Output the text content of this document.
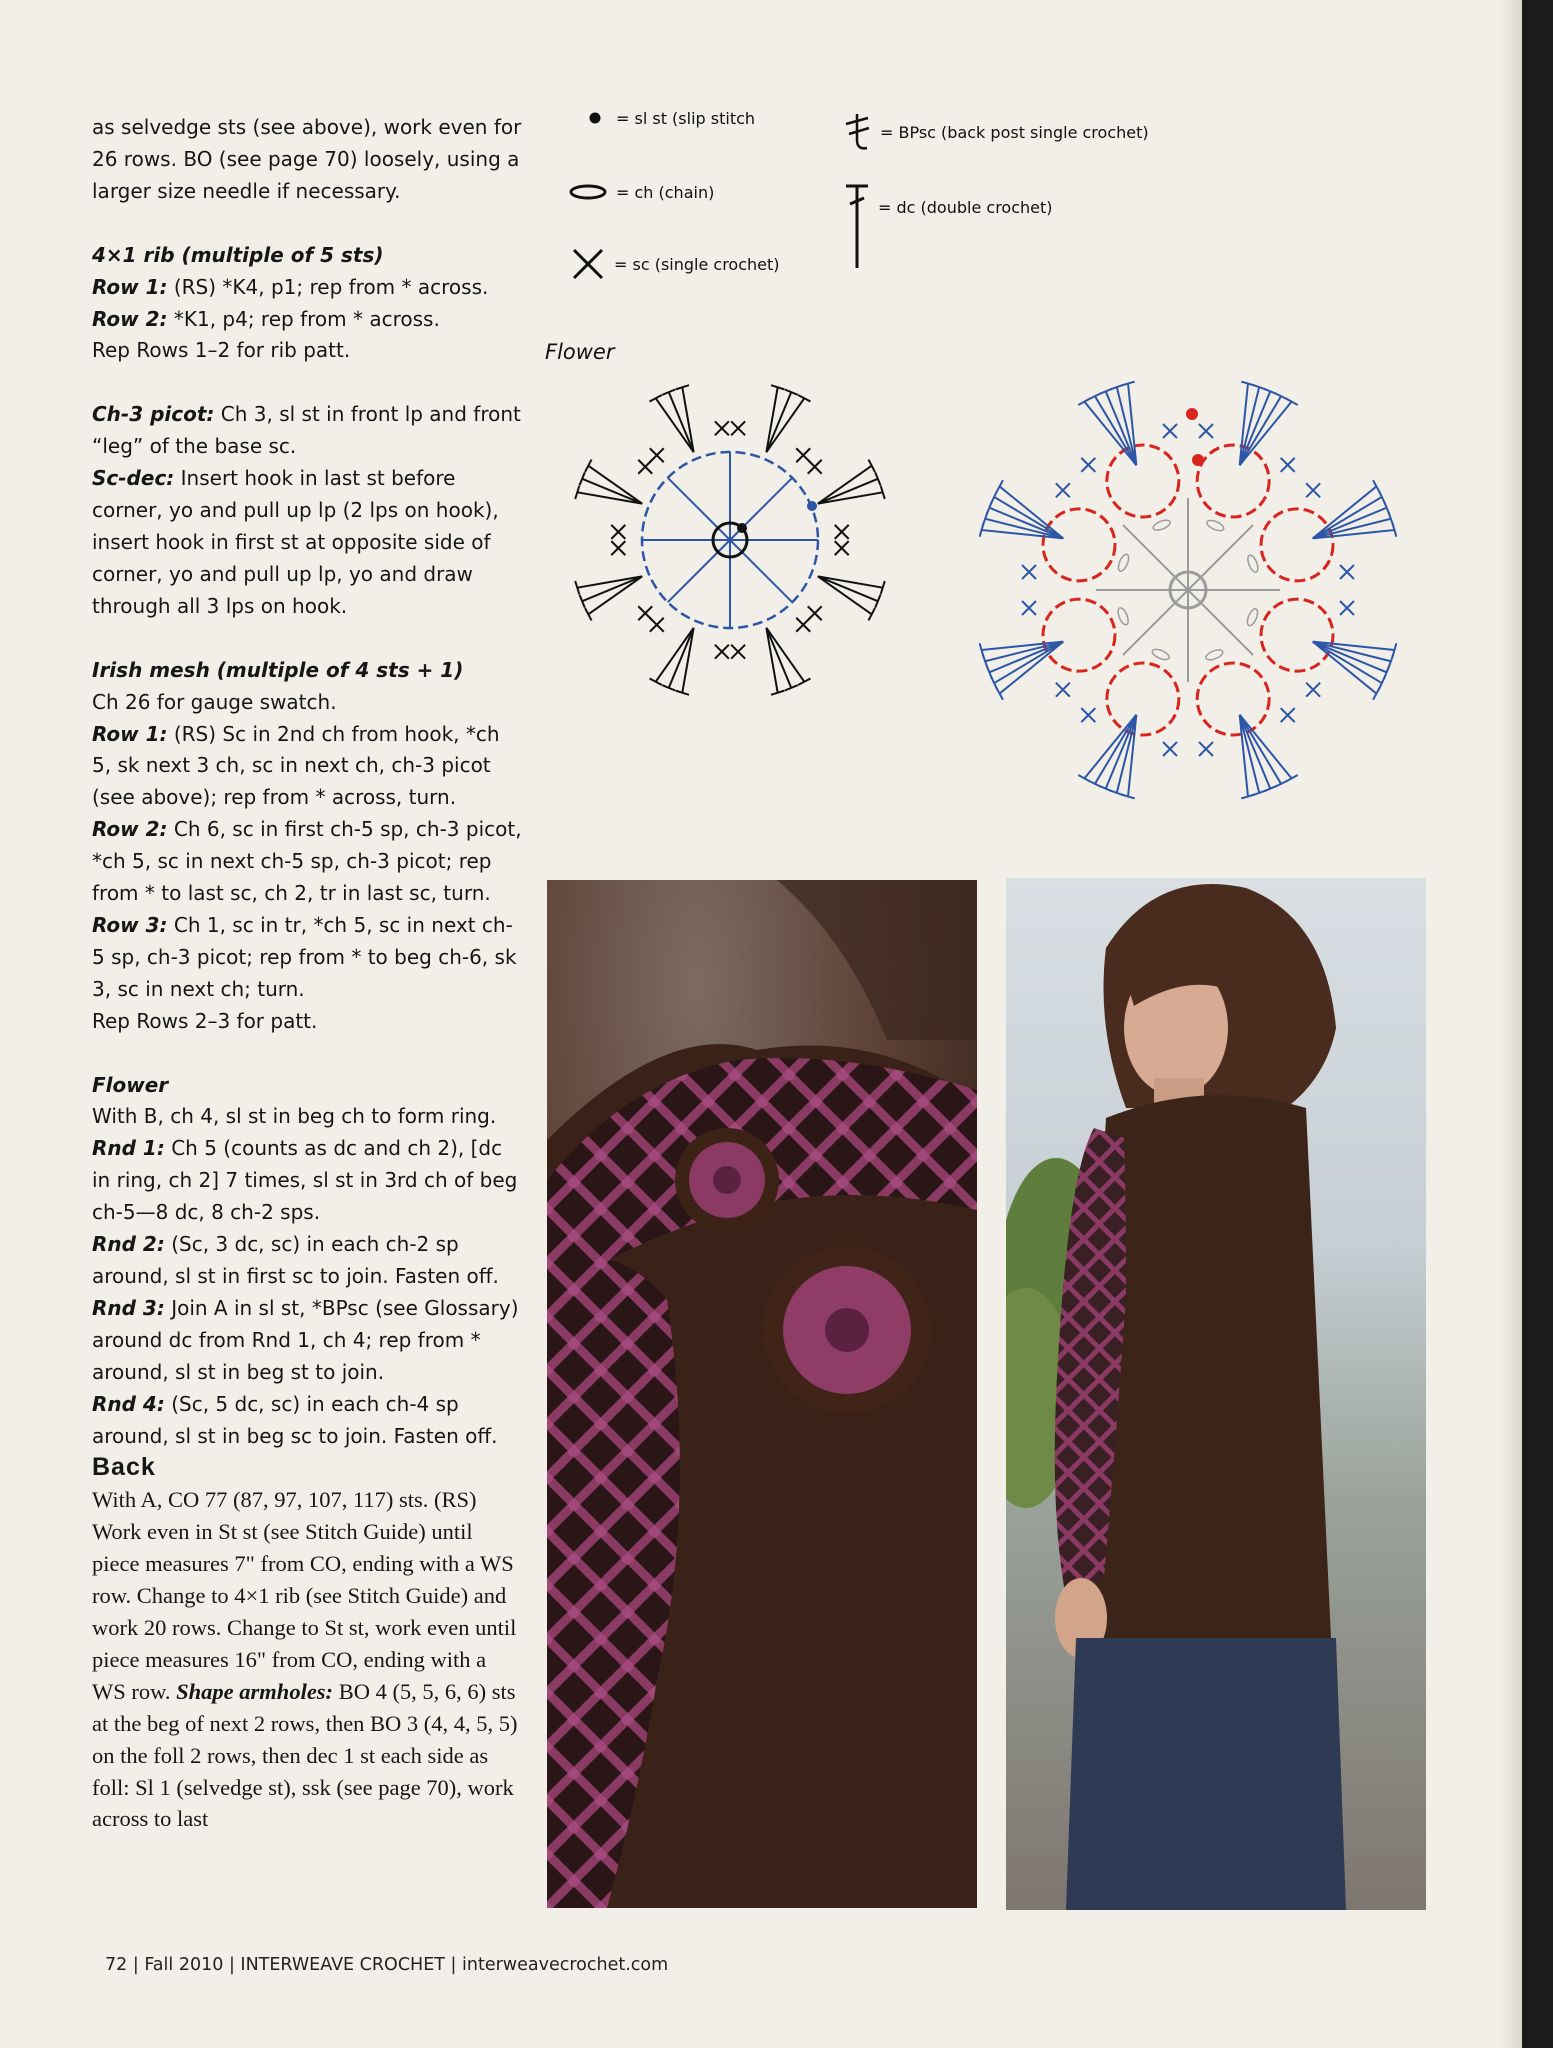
as selvedge sts (see above), work even for 26 rows. BO (see page 70) loosely, using a larger size needle if necessary.

4×1 rib (multiple of 5 sts)

Row 1: (RS) *K4, p1; rep from * across.

Row 2: *K1, p4; rep from * across.

Rep Rows 1–2 for rib patt.

Ch-3 picot: Ch 3, sl st in front lp and front “leg” of the base sc.

Sc-dec: Insert hook in last st before corner, yo and pull up lp (2 lps on hook), insert hook in first st at opposite side of corner, yo and pull up lp, yo and draw through all 3 lps on hook.

Irish mesh (multiple of 4 sts + 1)

Ch 26 for gauge swatch.

Row 1: (RS) Sc in 2nd ch from hook, *ch 5, sk next 3 ch, sc in next ch, ch-3 picot (see above); rep from * across, turn.

Row 2: Ch 6, sc in first ch-5 sp, ch-3 picot, *ch 5, sc in next ch-5 sp, ch-3 picot; rep from * to last sc, ch 2, tr in last sc, turn.

Row 3: Ch 1, sc in tr, *ch 5, sc in next ch-5 sp, ch-3 picot; rep from * to beg ch-6, sk 3, sc in next ch; turn.

Rep Rows 2–3 for patt.

Flower

With B, ch 4, sl st in beg ch to form ring.

Rnd 1: Ch 5 (counts as dc and ch 2), [dc in ring, ch 2] 7 times, sl st in 3rd ch of beg ch-5—8 dc, 8 ch-2 sps.

Rnd 2: (Sc, 3 dc, sc) in each ch-2 sp around, sl st in first sc to join. Fasten off.

Rnd 3: Join A in sl st, *BPsc (see Glossary) around dc from Rnd 1, ch 4; rep from * around, sl st in beg st to join.

Rnd 4: (Sc, 5 dc, sc) in each ch-4 sp around, sl st in beg sc to join. Fasten off.

Back

With A, CO 77 (87, 97, 107, 117) sts. (RS) Work even in St st (see Stitch Guide) until piece measures 7" from CO, ending with a WS row. Change to 4×1 rib (see Stitch Guide) and work 20 rows. Change to St st, work even until piece measures 16" from CO, ending with a WS row. Shape armholes: BO 4 (5, 5, 6, 6) sts at the beg of next 2 rows, then BO 3 (4, 4, 5, 5) on the foll 2 rows, then dec 1 st each side as foll: Sl 1 (selvedge st), ssk (see page 70), work across to last

= sl st (slip stitch
= ch (chain)
= sc (single crochet)
= BPsc (back post single crochet)
= dc (double crochet)
Flower
72 | Fall 2010 | INTERWEAVE CROCHET | interweavecrochet.com
